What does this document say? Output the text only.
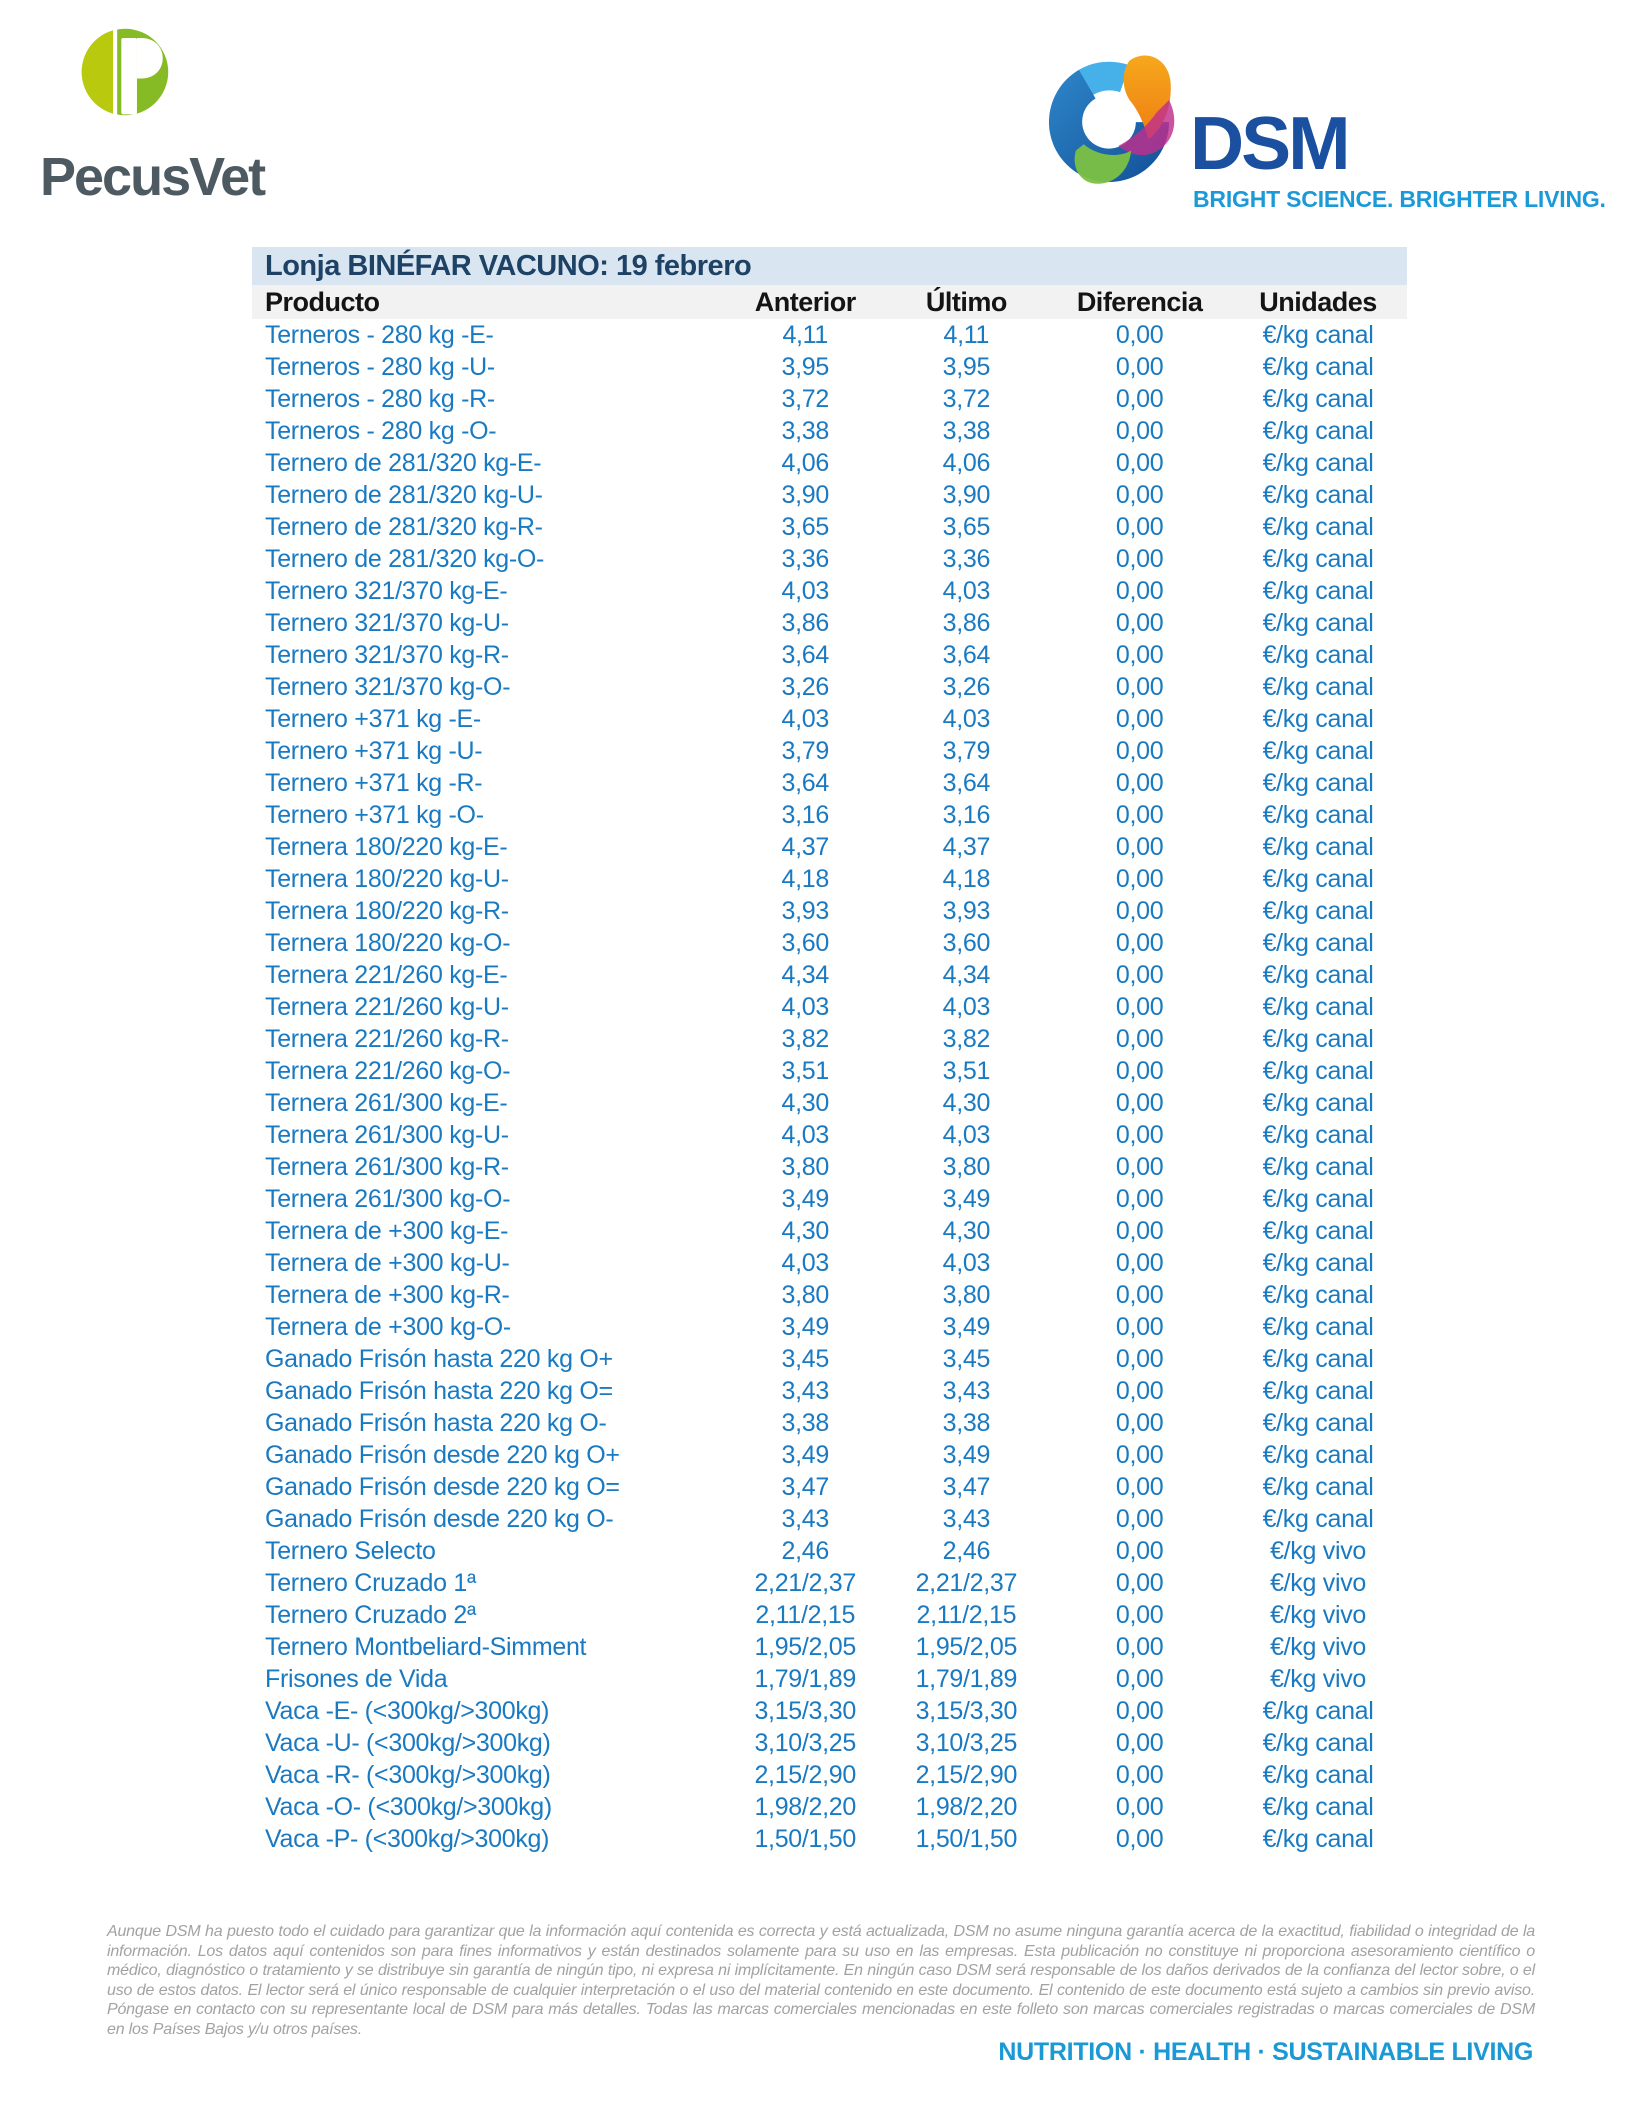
PecusVet	DSM
BRIGHT SCIENCE. BRIGHTER LIVING.
Lonja BINÉFAR VACUNO: 19 febrero
Producto	Anterior	Último	Diferencia	Unidades
Terneros - 280 kg -E-	4,11	4,11	0,00	€/kg canal
Terneros - 280 kg -U-	3,95	3,95	0,00	€/kg canal
Terneros - 280 kg -R-	3,72	3,72	0,00	€/kg canal
Terneros - 280 kg -O-	3,38	3,38	0,00	€/kg canal
Ternero de 281/320 kg-E-	4,06	4,06	0,00	€/kg canal
Ternero de 281/320 kg-U-	3,90	3,90	0,00	€/kg canal
Ternero de 281/320 kg-R-	3,65	3,65	0,00	€/kg canal
Ternero de 281/320 kg-O-	3,36	3,36	0,00	€/kg canal
Ternero 321/370 kg-E-	4,03	4,03	0,00	€/kg canal
Ternero 321/370 kg-U-	3,86	3,86	0,00	€/kg canal
Ternero 321/370 kg-R-	3,64	3,64	0,00	€/kg canal
Ternero 321/370 kg-O-	3,26	3,26	0,00	€/kg canal
Ternero +371 kg -E-	4,03	4,03	0,00	€/kg canal
Ternero +371 kg -U-	3,79	3,79	0,00	€/kg canal
Ternero +371 kg -R-	3,64	3,64	0,00	€/kg canal
Ternero +371 kg -O-	3,16	3,16	0,00	€/kg canal
Ternera 180/220 kg-E-	4,37	4,37	0,00	€/kg canal
Ternera 180/220 kg-U-	4,18	4,18	0,00	€/kg canal
Ternera 180/220 kg-R-	3,93	3,93	0,00	€/kg canal
Ternera 180/220 kg-O-	3,60	3,60	0,00	€/kg canal
Ternera 221/260 kg-E-	4,34	4,34	0,00	€/kg canal
Ternera 221/260 kg-U-	4,03	4,03	0,00	€/kg canal
Ternera 221/260 kg-R-	3,82	3,82	0,00	€/kg canal
Ternera 221/260 kg-O-	3,51	3,51	0,00	€/kg canal
Ternera 261/300 kg-E-	4,30	4,30	0,00	€/kg canal
Ternera 261/300 kg-U-	4,03	4,03	0,00	€/kg canal
Ternera 261/300 kg-R-	3,80	3,80	0,00	€/kg canal
Ternera 261/300 kg-O-	3,49	3,49	0,00	€/kg canal
Ternera de +300 kg-E-	4,30	4,30	0,00	€/kg canal
Ternera de +300 kg-U-	4,03	4,03	0,00	€/kg canal
Ternera de +300 kg-R-	3,80	3,80	0,00	€/kg canal
Ternera de +300 kg-O-	3,49	3,49	0,00	€/kg canal
Ganado Frisón hasta 220 kg O+	3,45	3,45	0,00	€/kg canal
Ganado Frisón hasta 220 kg O=	3,43	3,43	0,00	€/kg canal
Ganado Frisón hasta 220 kg O-	3,38	3,38	0,00	€/kg canal
Ganado Frisón desde 220 kg O+	3,49	3,49	0,00	€/kg canal
Ganado Frisón desde 220 kg O=	3,47	3,47	0,00	€/kg canal
Ganado Frisón desde 220 kg O-	3,43	3,43	0,00	€/kg canal
Ternero Selecto	2,46	2,46	0,00	€/kg vivo
Ternero Cruzado 1ª	2,21/2,37	2,21/2,37	0,00	€/kg vivo
Ternero Cruzado 2ª	2,11/2,15	2,11/2,15	0,00	€/kg vivo
Ternero Montbeliard-Simment	1,95/2,05	1,95/2,05	0,00	€/kg vivo
Frisones de Vida	1,79/1,89	1,79/1,89	0,00	€/kg vivo
Vaca -E- (<300kg/>300kg)	3,15/3,30	3,15/3,30	0,00	€/kg canal
Vaca -U- (<300kg/>300kg)	3,10/3,25	3,10/3,25	0,00	€/kg canal
Vaca -R- (<300kg/>300kg)	2,15/2,90	2,15/2,90	0,00	€/kg canal
Vaca -O- (<300kg/>300kg)	1,98/2,20	1,98/2,20	0,00	€/kg canal
Vaca -P- (<300kg/>300kg)	1,50/1,50	1,50/1,50	0,00	€/kg canal
Aunque DSM ha puesto todo el cuidado para garantizar que la información aquí contenida es correcta y está actualizada, DSM no asume ninguna garantía acerca de la exactitud, fiabilidad o integridad de la información. Los datos aquí contenidos son para fines informativos y están destinados solamente para su uso en las empresas. Esta publicación no constituye ni proporciona asesoramiento científico o médico, diagnóstico o tratamiento y se distribuye sin garantía de ningún tipo, ni expresa ni implícitamente. En ningún caso DSM será responsable de los daños derivados de la confianza del lector sobre, o el uso de estos datos. El lector será el único responsable de cualquier interpretación o el uso del material contenido en este documento. El contenido de este documento está sujeto a cambios sin previo aviso. Póngase en contacto con su representante local de DSM para más detalles. Todas las marcas comerciales mencionadas en este folleto son marcas comerciales registradas o marcas comerciales de DSM en los Países Bajos y/u otros países.
NUTRITION · HEALTH · SUSTAINABLE LIVING
